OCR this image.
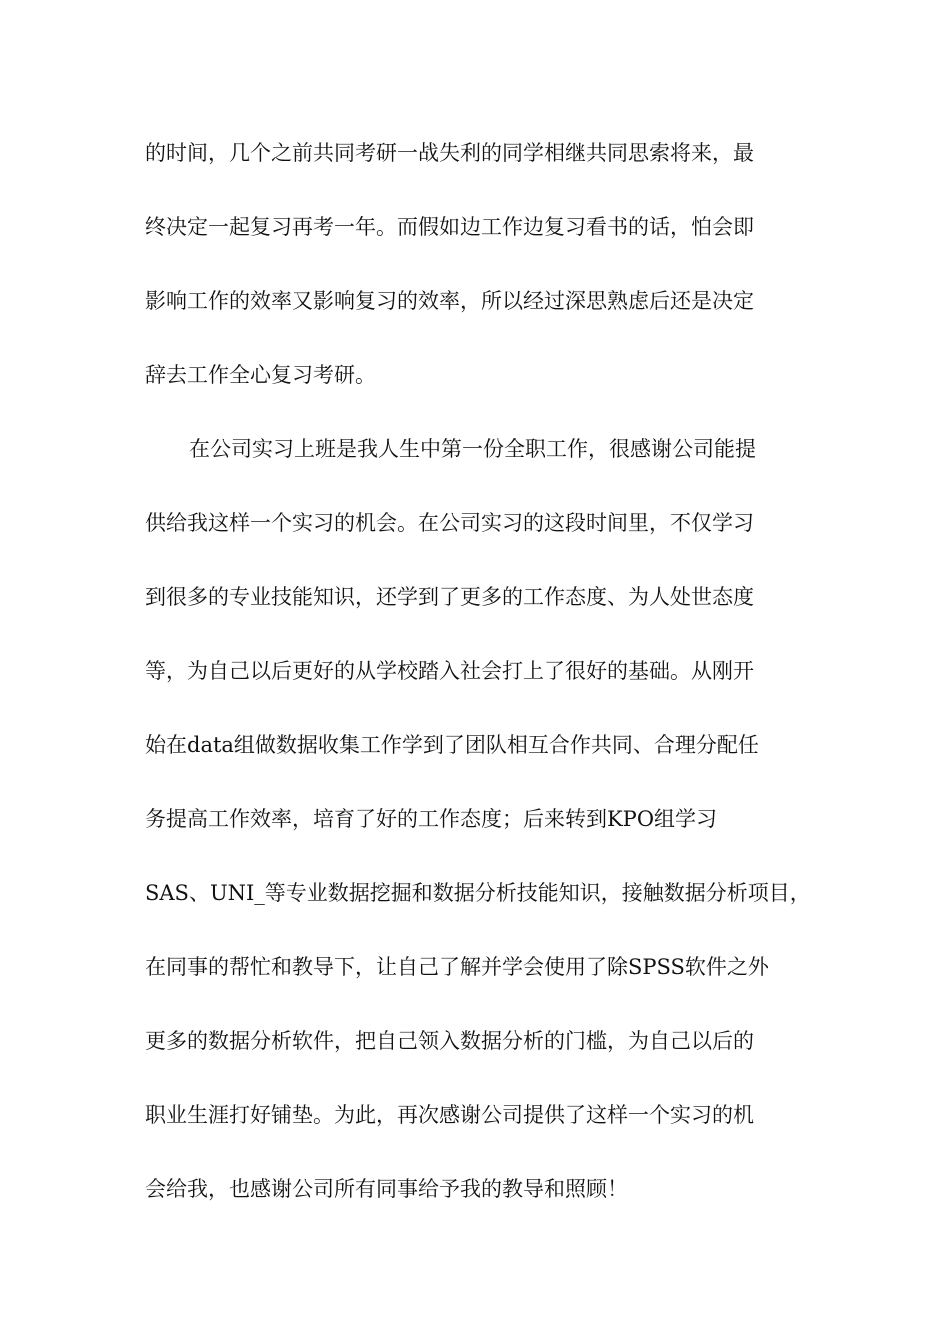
的时间，几个之前共同考研一战失利的同学相继共同思索将来，最
终决定一起复习再考一年。而假如边工作边复习看书的话，怕会即
影响工作的效率又影响复习的效率，所以经过深思熟虑后还是决定
辞去工作全心复习考研。
在公司实习上班是我人生中第一份全职工作，很感谢公司能提
供给我这样一个实习的机会。在公司实习的这段时间里，不仅学习
到很多的专业技能知识，还学到了更多的工作态度、为人处世态度
等，为自己以后更好的从学校踏入社会打上了很好的基础。从刚开
始在data组做数据收集工作学到了团队相互合作共同、合理分配任
务提高工作效率，培育了好的工作态度；后来转到KPO组学习
SAS、UNI_等专业数据挖掘和数据分析技能知识，接触数据分析项目，
在同事的帮忙和教导下，让自己了解并学会使用了除SPSS软件之外
更多的数据分析软件，把自己领入数据分析的门槛，为自己以后的
职业生涯打好铺垫。为此，再次感谢公司提供了这样一个实习的机
会给我，也感谢公司所有同事给予我的教导和照顾！
